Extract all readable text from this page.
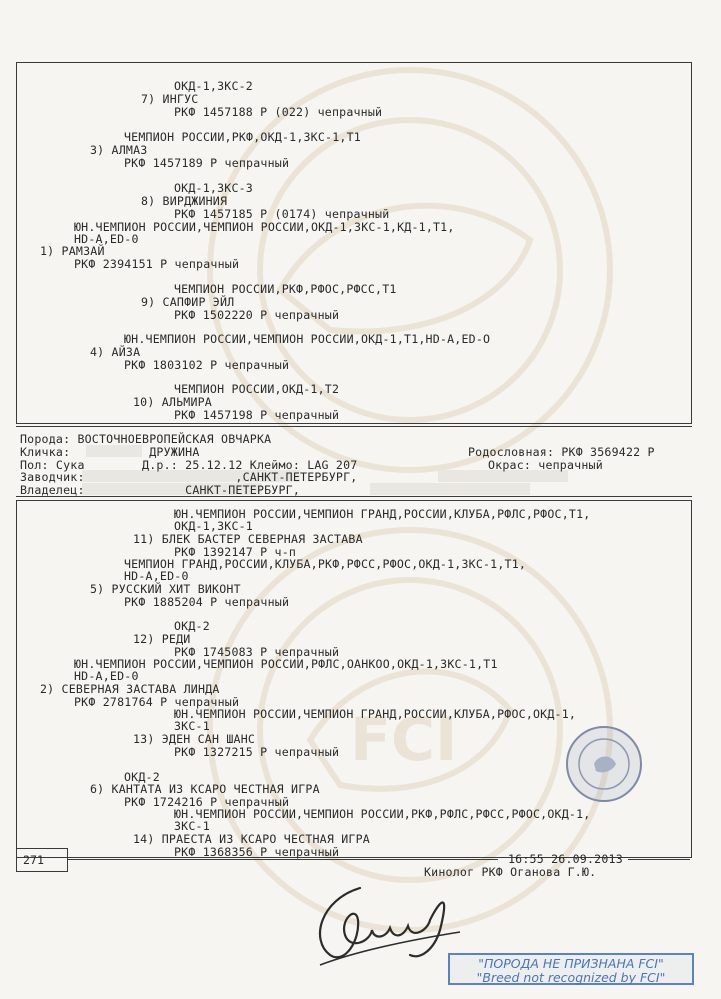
FCI
ОКД-1,ЗКС-2
7) ИНГУС
РКФ 1457188 Р (022) чепрачный
ЧЕМПИОН РОССИИ,РКФ,ОКД-1,ЗКС-1,Т1
3) АЛМАЗ
РКФ 1457189 Р чепрачный
ОКД-1,ЗКС-3
8) ВИРДЖИНИЯ
РКФ 1457185 Р (0174) чепрачный
ЮН.ЧЕМПИОН РОССИИ,ЧЕМПИОН РОССИИ,ОКД-1,ЗКС-1,КД-1,Т1,
HD-A,ED-0
1) РАМЗАЙ
РКФ 2394151 Р чепрачный
ЧЕМПИОН РОССИИ,РКФ,РФОС,РФСС,Т1
9) САПФИР ЭЙЛ
РКФ 1502220 Р чепрачный
ЮН.ЧЕМПИОН РОССИИ,ЧЕМПИОН РОССИИ,ОКД-1,Т1,HD-A,ED-O
4) АЙЗА
РКФ 1803102 Р чепрачный
ЧЕМПИОН РОССИИ,ОКД-1,Т2
10) АЛЬМИРА
РКФ 1457198 Р чепрачный
Порода: ВОСТОЧНОЕВРОПЕЙСКАЯ ОВЧАРКА
Кличка:           ДРУЖИНА	Родословная: РКФ 3569422 Р
Пол: Сука        Д.р.: 25.12.12 Клеймо: LAG 207	Окрас: чепрачный
Заводчик:                     ,САНКТ-ПЕТЕРБУРГ,
Владелец:              САНКТ-ПЕТЕРБУРГ,
ЮН.ЧЕМПИОН РОССИИ,ЧЕМПИОН ГРАНД,РОССИИ,КЛУБА,РФЛС,РФОС,Т1,
ОКД-1,ЗКС-1
11) БЛЕК БАСТЕР СЕВЕРНАЯ ЗАСТАВА
РКФ 1392147 Р ч-п
ЧЕМПИОН ГРАНД,РОССИИ,КЛУБА,РКФ,РФСС,РФОС,ОКД-1,ЗКС-1,Т1,
HD-A,ED-0
5) РУССКИЙ ХИТ ВИКОНТ
РКФ 1885204 Р чепрачный
ОКД-2
12) РЕДИ
РКФ 1745083 Р чепрачный
ЮН.ЧЕМПИОН РОССИИ,ЧЕМПИОН РОССИИ,РФЛС,ОАНКОО,ОКД-1,ЗКС-1,Т1
HD-A,ED-0
2) СЕВЕРНАЯ ЗАСТАВА ЛИНДА
РКФ 2781764 Р чепрачный
ЮН.ЧЕМПИОН РОССИИ,ЧЕМПИОН ГРАНД,РОССИИ,КЛУБА,РФОС,ОКД-1,
ЗКС-1
13) ЭДЕН САН ШАНС
РКФ 1327215 Р чепрачный
ОКД-2
6) КАНТАТА ИЗ КСАРО ЧЕСТНАЯ ИГРА
РКФ 1724216 Р чепрачный
ЮН.ЧЕМПИОН РОССИИ,ЧЕМПИОН РОССИИ,РКФ,РФЛС,РФСС,РФОС,ОКД-1,
ЗКС-1
14) ПРАЕСТА ИЗ КСАРО ЧЕСТНАЯ ИГРА
РКФ 1368356 Р чепрачный
271	16:55 26.09.2013
Кинолог РКФ Оганова Г.Ю.
"ПОРОДА НЕ ПРИЗНАНА FCI"
"Breed not recognized by FCI"
